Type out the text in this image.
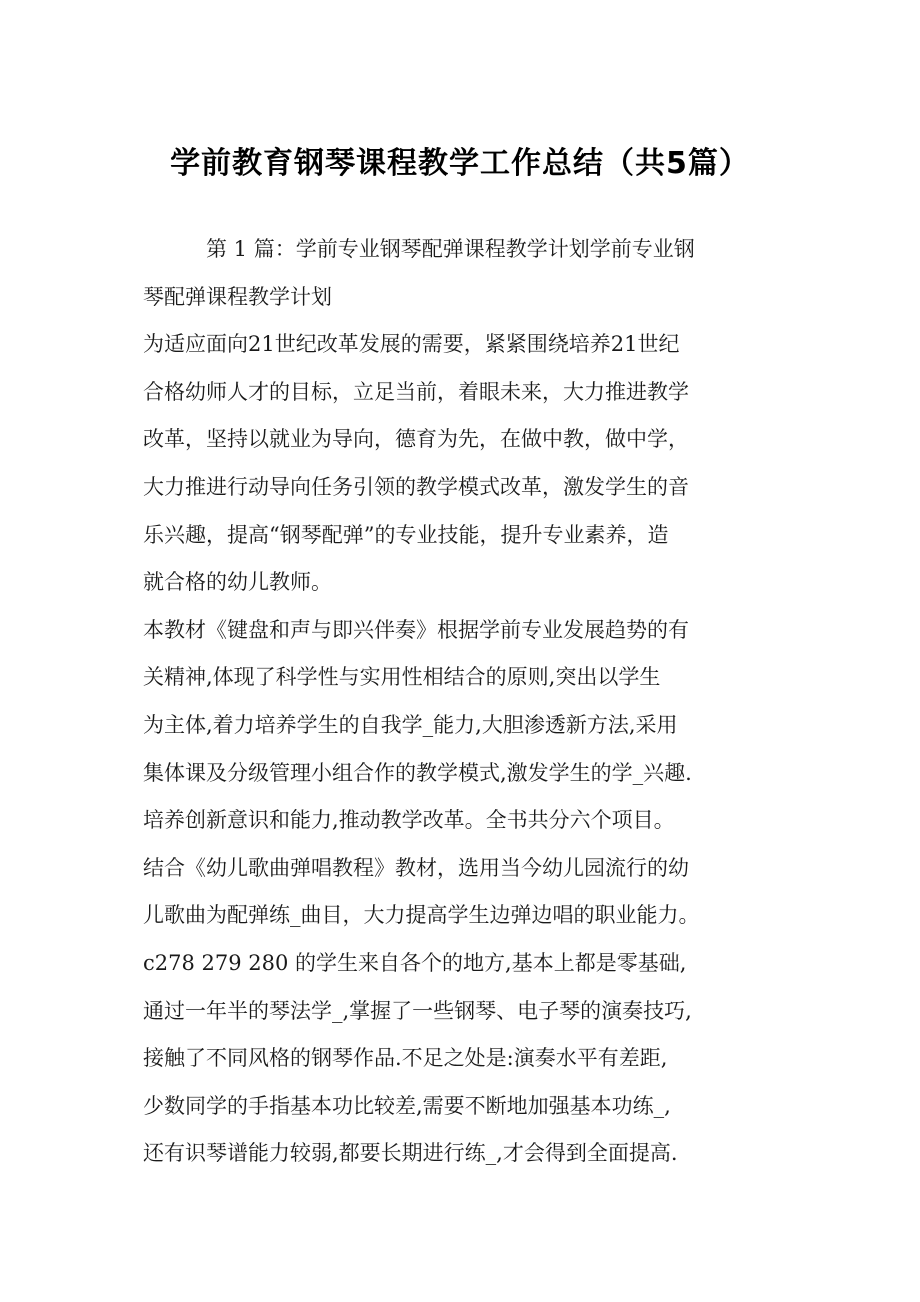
学前教育钢琴课程教学工作总结（共5篇）
第 1 篇：学前专业钢琴配弹课程教学计划学前专业钢
琴配弹课程教学计划
为适应面向21世纪改革发展的需要，紧紧围绕培养21世纪
合格幼师人才的目标，立足当前，着眼未来，大力推进教学
改革，坚持以就业为导向，德育为先，在做中教，做中学，
大力推进行动导向任务引领的教学模式改革，激发学生的音
乐兴趣，提高“钢琴配弹”的专业技能，提升专业素养，造
就合格的幼儿教师。
本教材《键盘和声与即兴伴奏》根据学前专业发展趋势的有
关精神,体现了科学性与实用性相结合的原则,突出以学生
为主体,着力培养学生的自我学_能力,大胆渗透新方法,采用
集体课及分级管理小组合作的教学模式,激发学生的学_兴趣.
培养创新意识和能力,推动教学改革。全书共分六个项目。
结合《幼儿歌曲弹唱教程》教材，选用当今幼儿园流行的幼
儿歌曲为配弹练_曲目，大力提高学生边弹边唱的职业能力。
c278 279 280 的学生来自各个的地方,基本上都是零基础,
通过一年半的琴法学_,掌握了一些钢琴、电子琴的演奏技巧,
接触了不同风格的钢琴作品.不足之处是:演奏水平有差距,
少数同学的手指基本功比较差,需要不断地加强基本功练_,
还有识琴谱能力较弱,都要长期进行练_,才会得到全面提高.
